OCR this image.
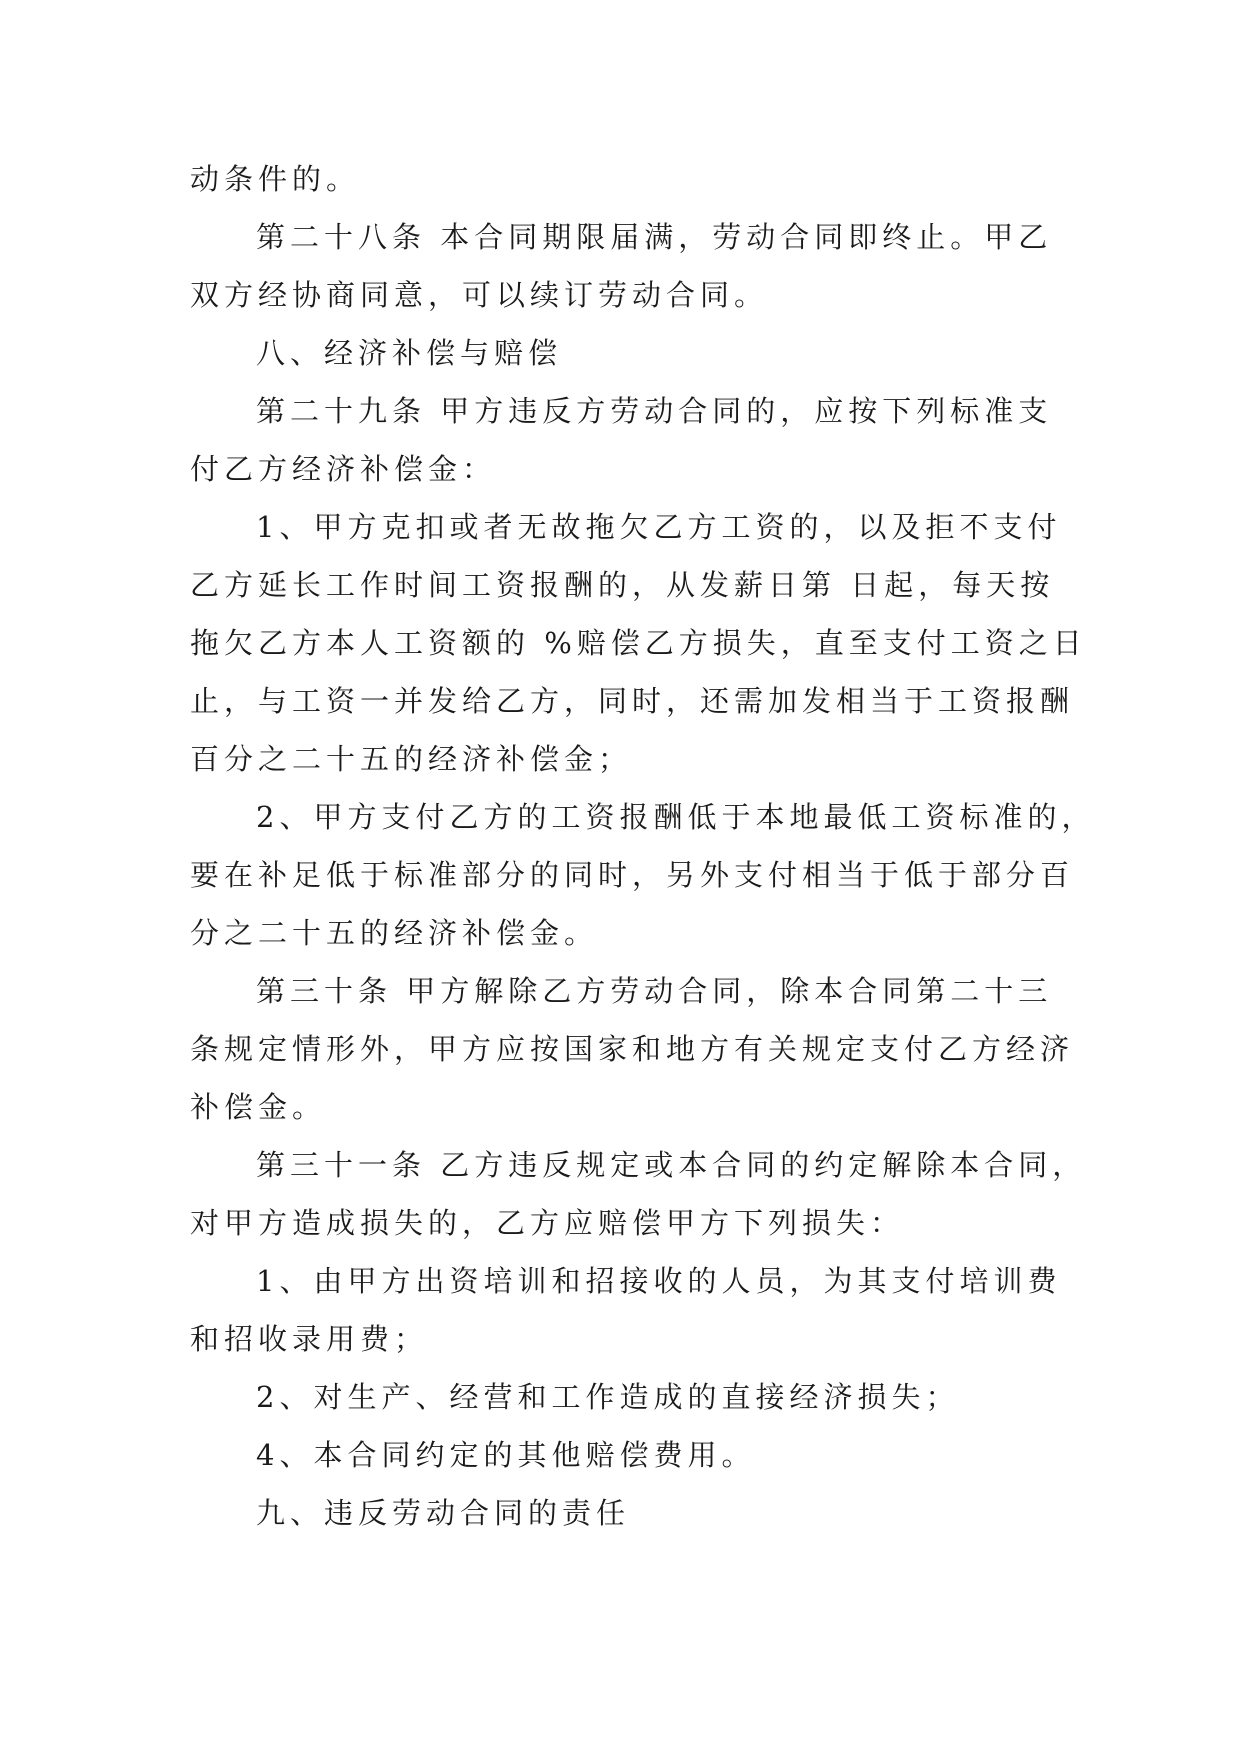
动条件的。
第二十八条 本合同期限届满，劳动合同即终止。甲乙
双方经协商同意，可以续订劳动合同。
八、经济补偿与赔偿
第二十九条 甲方违反方劳动合同的，应按下列标准支
付乙方经济补偿金：
1、甲方克扣或者无故拖欠乙方工资的，以及拒不支付
乙方延长工作时间工资报酬的，从发薪日第 日起，每天按
拖欠乙方本人工资额的 %赔偿乙方损失，直至支付工资之日
止，与工资一并发给乙方，同时，还需加发相当于工资报酬
百分之二十五的经济补偿金；
2、甲方支付乙方的工资报酬低于本地最低工资标准的，
要在补足低于标准部分的同时，另外支付相当于低于部分百
分之二十五的经济补偿金。
第三十条 甲方解除乙方劳动合同，除本合同第二十三
条规定情形外，甲方应按国家和地方有关规定支付乙方经济
补偿金。
第三十一条 乙方违反规定或本合同的约定解除本合同，
对甲方造成损失的，乙方应赔偿甲方下列损失：
1、由甲方出资培训和招接收的人员，为其支付培训费
和招收录用费；
2、对生产、经营和工作造成的直接经济损失；
4、本合同约定的其他赔偿费用。
九、违反劳动合同的责任
